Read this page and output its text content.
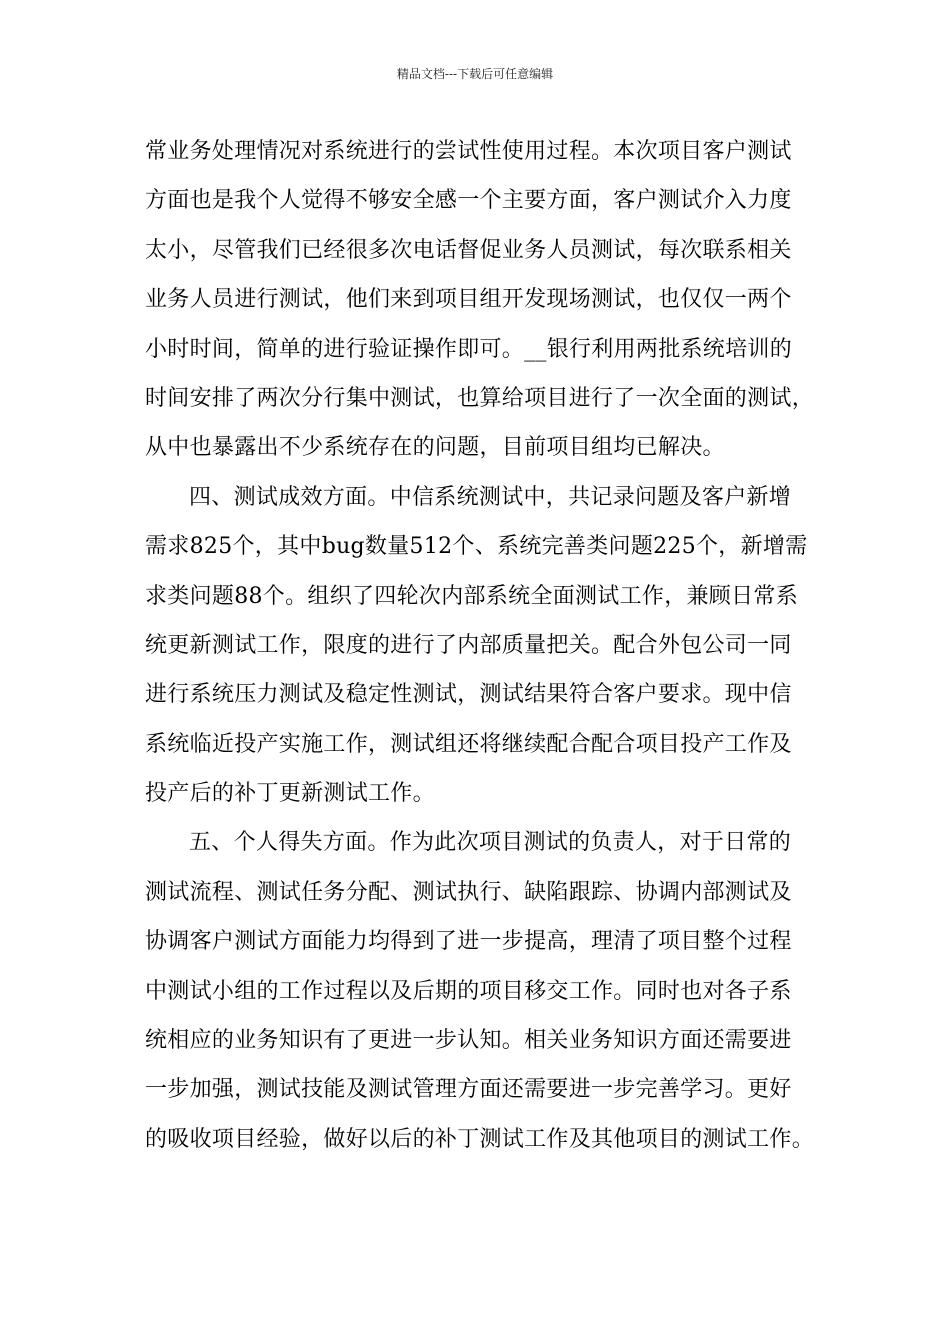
精品文档---下载后可任意编辑
常业务处理情况对系统进行的尝试性使用过程。本次项目客户测试
方面也是我个人觉得不够安全感一个主要方面，客户测试介入力度
太小，尽管我们已经很多次电话督促业务人员测试，每次联系相关
业务人员进行测试，他们来到项目组开发现场测试，也仅仅一两个
小时时间，简单的进行验证操作即可。__银行利用两批系统培训的
时间安排了两次分行集中测试，也算给项目进行了一次全面的测试，
从中也暴露出不少系统存在的问题，目前项目组均已解决。
四、测试成效方面。中信系统测试中，共记录问题及客户新增
需求825个，其中bug数量512个、系统完善类问题225个，新增需
求类问题88个。组织了四轮次内部系统全面测试工作，兼顾日常系
统更新测试工作，限度的进行了内部质量把关。配合外包公司一同
进行系统压力测试及稳定性测试，测试结果符合客户要求。现中信
系统临近投产实施工作，测试组还将继续配合配合项目投产工作及
投产后的补丁更新测试工作。
五、个人得失方面。作为此次项目测试的负责人，对于日常的
测试流程、测试任务分配、测试执行、缺陷跟踪、协调内部测试及
协调客户测试方面能力均得到了进一步提高，理清了项目整个过程
中测试小组的工作过程以及后期的项目移交工作。同时也对各子系
统相应的业务知识有了更进一步认知。相关业务知识方面还需要进
一步加强，测试技能及测试管理方面还需要进一步完善学习。更好
的吸收项目经验，做好以后的补丁测试工作及其他项目的测试工作。
